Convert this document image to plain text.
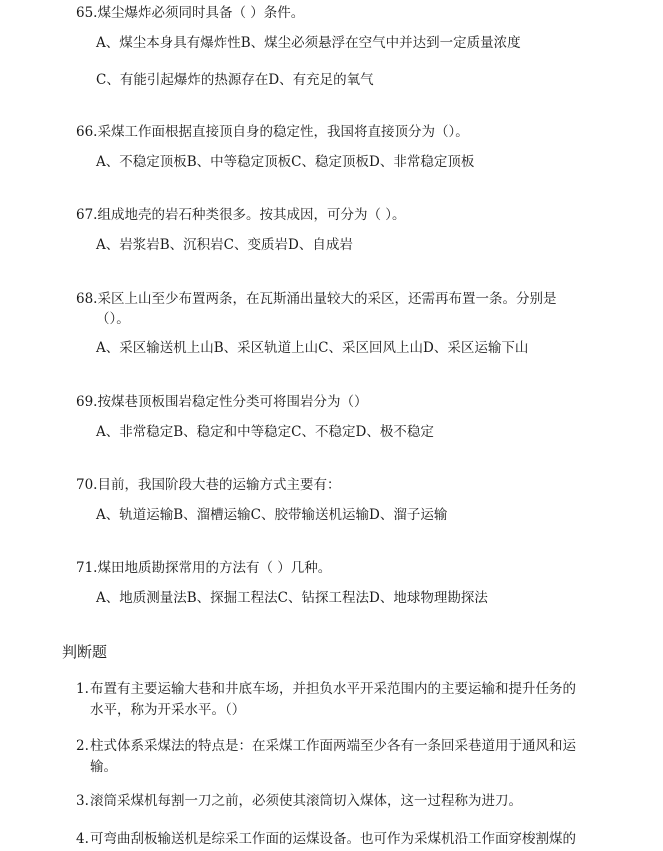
65.煤尘爆炸必须同时具备（ ）条件。
A、煤尘本身具有爆炸性B、煤尘必须悬浮在空气中并达到一定质量浓度
C、有能引起爆炸的热源存在D、有充足的氧气
66.采煤工作面根据直接顶自身的稳定性，我国将直接顶分为（）。
A、不稳定顶板B、中等稳定顶板C、稳定顶板D、非常稳定顶板
67.组成地壳的岩石种类很多。按其成因，可分为（ ）。
A、岩浆岩B、沉积岩C、变质岩D、自成岩
68.采区上山至少布置两条，在瓦斯涌出量较大的采区，还需再布置一条。分别是
（）。
A、采区输送机上山B、采区轨道上山C、采区回风上山D、采区运输下山
69.按煤巷顶板围岩稳定性分类可将围岩分为（）
A、非常稳定B、稳定和中等稳定C、不稳定D、极不稳定
70.目前，我国阶段大巷的运输方式主要有：
A、轨道运输B、溜槽运输C、胶带输送机运输D、溜子运输
71.煤田地质勘探常用的方法有（ ）几种。
A、地质测量法B、探掘工程法C、钻探工程法D、地球物理勘探法
判断题
1.布置有主要运输大巷和井底车场，并担负水平开采范围内的主要运输和提升任务的
水平，称为开采水平。（）
2.柱式体系采煤法的特点是：在采煤工作面两端至少各有一条回采巷道用于通风和运
输。
3.滚筒采煤机每割一刀之前，必须使其滚筒切入煤体，这一过程称为进刀。
4.可弯曲刮板输送机是综采工作面的运煤设备。也可作为采煤机沿工作面穿梭割煤的
